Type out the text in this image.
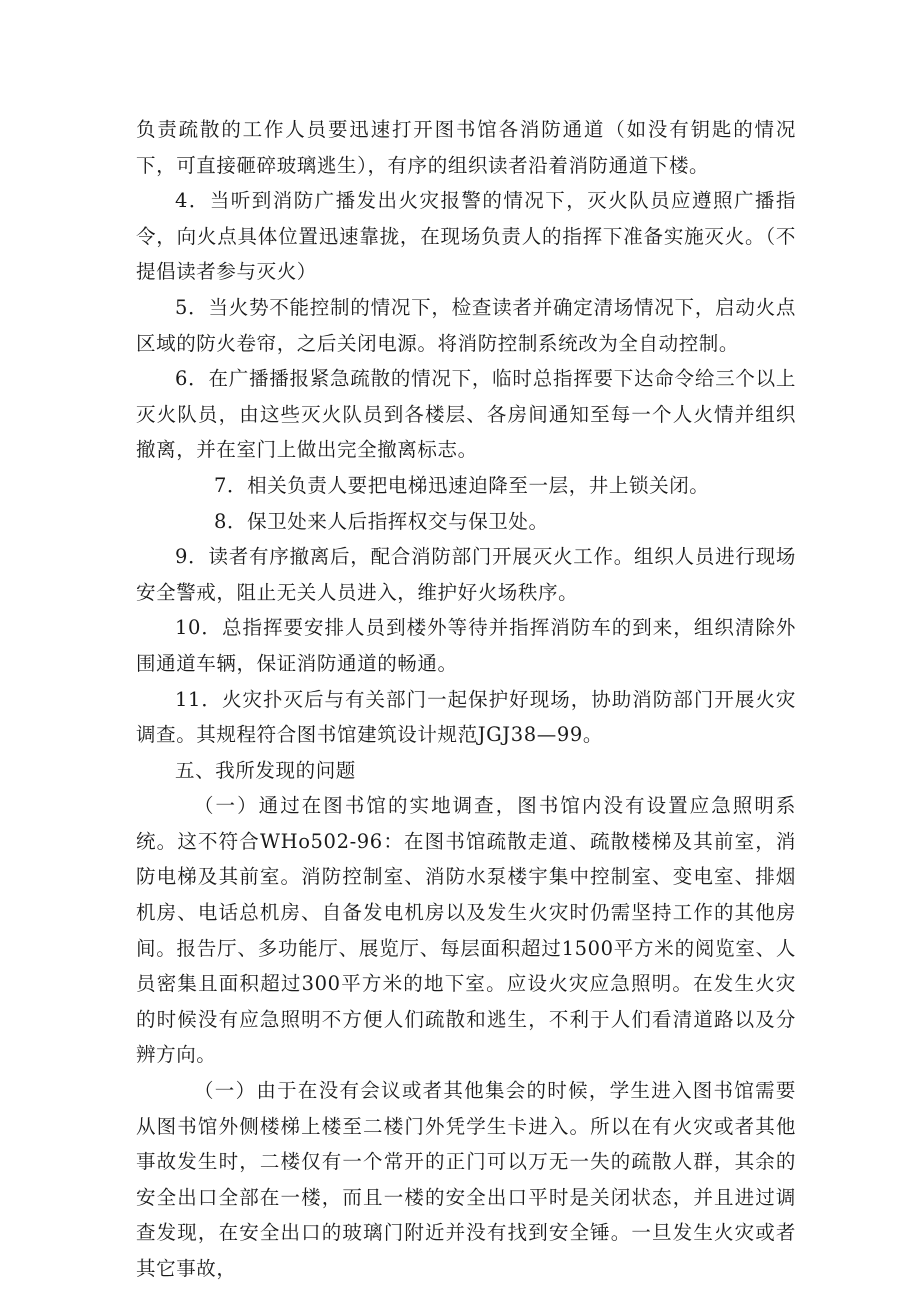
负责疏散的工作人员要迅速打开图书馆各消防通道（如没有钥匙的情况下，可直接砸碎玻璃逃生），有序的组织读者沿着消防通道下楼。

4．当听到消防广播发出火灾报警的情况下，灭火队员应遵照广播指令，向火点具体位置迅速靠拢，在现场负责人的指挥下准备实施灭火。（不提倡读者参与灭火）

5．当火势不能控制的情况下，检查读者并确定清场情况下，启动火点区域的防火卷帘，之后关闭电源。将消防控制系统改为全自动控制。

6．在广播播报紧急疏散的情况下，临时总指挥要下达命令给三个以上灭火队员，由这些灭火队员到各楼层、各房间通知至每一个人火情并组织撤离，并在室门上做出完全撤离标志。

7．相关负责人要把电梯迅速迫降至一层，井上锁关闭。

8．保卫处来人后指挥权交与保卫处。

9．读者有序撤离后，配合消防部门开展灭火工作。组织人员进行现场安全警戒，阻止无关人员进入，维护好火场秩序。

10．总指挥要安排人员到楼外等待并指挥消防车的到来，组织清除外围通道车辆，保证消防通道的畅通。

11．火灾扑灭后与有关部门一起保护好现场，协助消防部门开展火灾调查。其规程符合图书馆建筑设计规范JGJ38—99。

五、我所发现的问题

（一）通过在图书馆的实地调查，图书馆内没有设置应急照明系统。这不符合WHo502-96：在图书馆疏散走道、疏散楼梯及其前室，消防电梯及其前室。消防控制室、消防水泵楼宇集中控制室、变电室、排烟机房、电话总机房、自备发电机房以及发生火灾时仍需坚持工作的其他房间。报告厅、多功能厅、展览厅、每层面积超过1500平方米的阅览室、人员密集且面积超过300平方米的地下室。应设火灾应急照明。在发生火灾的时候没有应急照明不方便人们疏散和逃生，不利于人们看清道路以及分辨方向。

（一）由于在没有会议或者其他集会的时候，学生进入图书馆需要从图书馆外侧楼梯上楼至二楼门外凭学生卡进入。所以在有火灾或者其他事故发生时，二楼仅有一个常开的正门可以万无一失的疏散人群，其余的安全出口全部在一楼，而且一楼的安全出口平时是关闭状态，并且进过调查发现，在安全出口的玻璃门附近并没有找到安全锤。一旦发生火灾或者其它事故，
